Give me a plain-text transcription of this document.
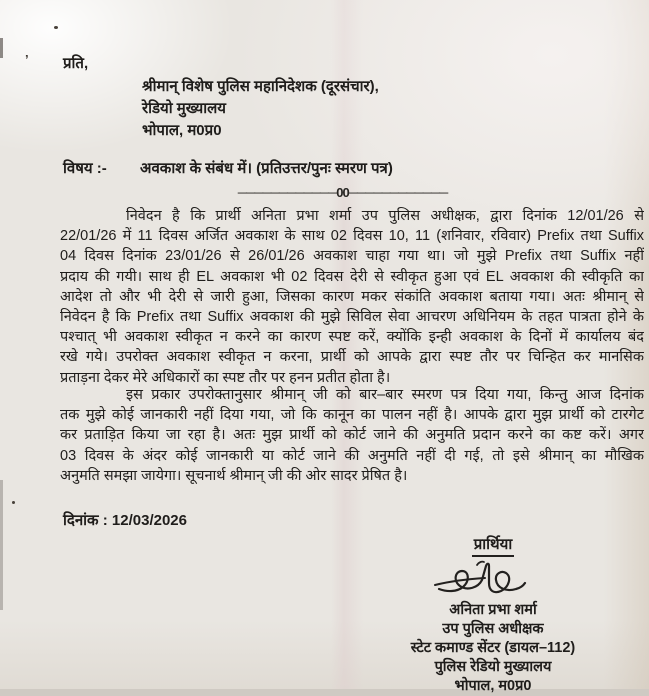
’ प्रति,
श्रीमान् विशेष पुलिस महानिदेशक (दूरसंचार),
रेडियो मुख्यालय
भोपाल, म0प्र0
विषय :- अवकाश के संबंध में। (प्रतिउत्तर/पुनः स्मरण पत्र)
────────────00────────────
निवेदन है कि प्रार्थी अनिता प्रभा शर्मा उप पुलिस अधीक्षक, द्वारा दिनांक 12/01/26 से
22/01/26 में 11 दिवस अर्जित अवकाश के साथ 02 दिवस 10, 11 (शनिवार, रविवार) Prefix तथा Suffix
04 दिवस दिनांक 23/01/26 से 26/01/26 अवकाश चाहा गया था। जो मुझे Prefix तथा Suffix नहीं
प्रदाय की गयी। साथ ही EL अवकाश भी 02 दिवस देरी से स्वीकृत हुआ एवं EL अवकाश की स्वीकृति का
आदेश तो और भी देरी से जारी हुआ, जिसका कारण मकर संकांति अवकाश बताया गया। अतः श्रीमान् से
निवेदन है कि Prefix तथा Suffix अवकाश की मुझे सिविल सेवा आचरण अधिनियम के तहत पात्रता होने के
पश्चात् भी अवकाश स्वीकृत न करने का कारण स्पष्ट करें, क्योंकि इन्ही अवकाश के दिनों में कार्यालय बंद
रखे गये। उपरोक्त अवकाश स्वीकृत न करना, प्रार्थी को आपके द्वारा स्पष्ट तौर पर चिन्हित कर मानसिक
प्रताड़ना देकर मेरे अधिकारों का स्पष्ट तौर पर हनन प्रतीत होता है।
इस प्रकार उपरोक्तानुसार श्रीमान् जी को बार–बार स्मरण पत्र दिया गया, किन्तु आज दिनांक
तक मुझे कोई जानकारी नहीं दिया गया, जो कि कानून का पालन नहीं है। आपके द्वारा मुझ प्रार्थी को टारगेट
कर प्रताड़ित किया जा रहा है। अतः मुझ प्रार्थी को कोर्ट जाने की अनुमति प्रदान करने का कष्ट करें। अगर
03 दिवस के अंदर कोई जानकारी या कोर्ट जाने की अनुमति नहीं दी गई, तो इसे श्रीमान् का मौखिक
अनुमति समझा जायेगा। सूचनार्थ श्रीमान् जी की ओर सादर प्रेषित है।
दिनांक : 12/03/2026
प्रार्थिया
अनिता प्रभा शर्मा
उप पुलिस अधीक्षक
स्टेट कमाण्ड सेंटर (डायल–112)
पुलिस रेडियो मुख्यालय
भोपाल, म0प्र0
